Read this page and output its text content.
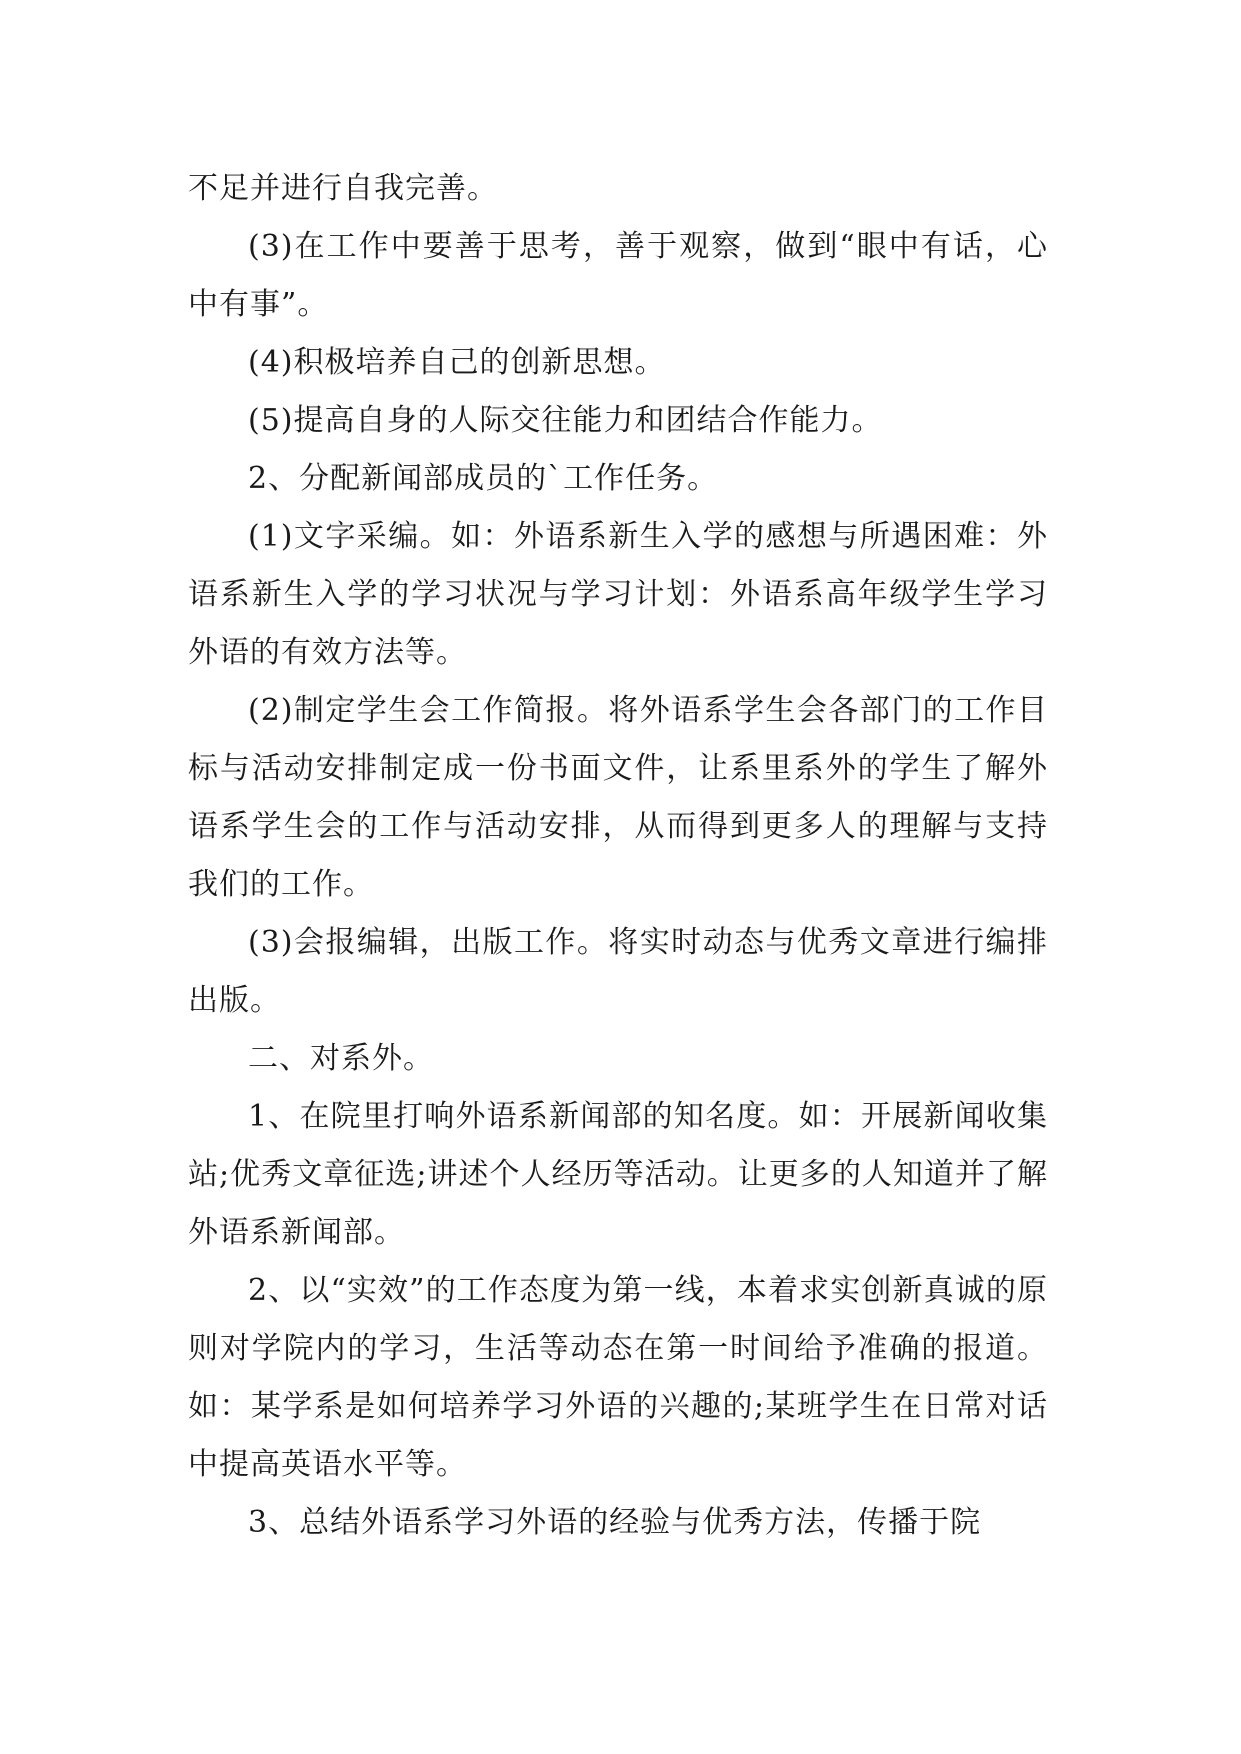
不足并进行自我完善。

(3)在工作中要善于思考，善于观察，做到“眼中有话，心中有事”。

(4)积极培养自己的创新思想。

(5)提高自身的人际交往能力和团结合作能力。

2、分配新闻部成员的`工作任务。

(1)文字采编。如：外语系新生入学的感想与所遇困难：外语系新生入学的学习状况与学习计划：外语系高年级学生学习外语的有效方法等。

(2)制定学生会工作简报。将外语系学生会各部门的工作目标与活动安排制定成一份书面文件，让系里系外的学生了解外语系学生会的工作与活动安排，从而得到更多人的理解与支持我们的工作。

(3)会报编辑，出版工作。将实时动态与优秀文章进行编排出版。

二、对系外。

1、在院里打响外语系新闻部的知名度。如：开展新闻收集站;优秀文章征选;讲述个人经历等活动。让更多的人知道并了解外语系新闻部。

2、以“实效”的工作态度为第一线，本着求实创新真诚的原则对学院内的学习，生活等动态在第一时间给予准确的报道。如：某学系是如何培养学习外语的兴趣的;某班学生在日常对话中提高英语水平等。

3、总结外语系学习外语的经验与优秀方法，传播于院
